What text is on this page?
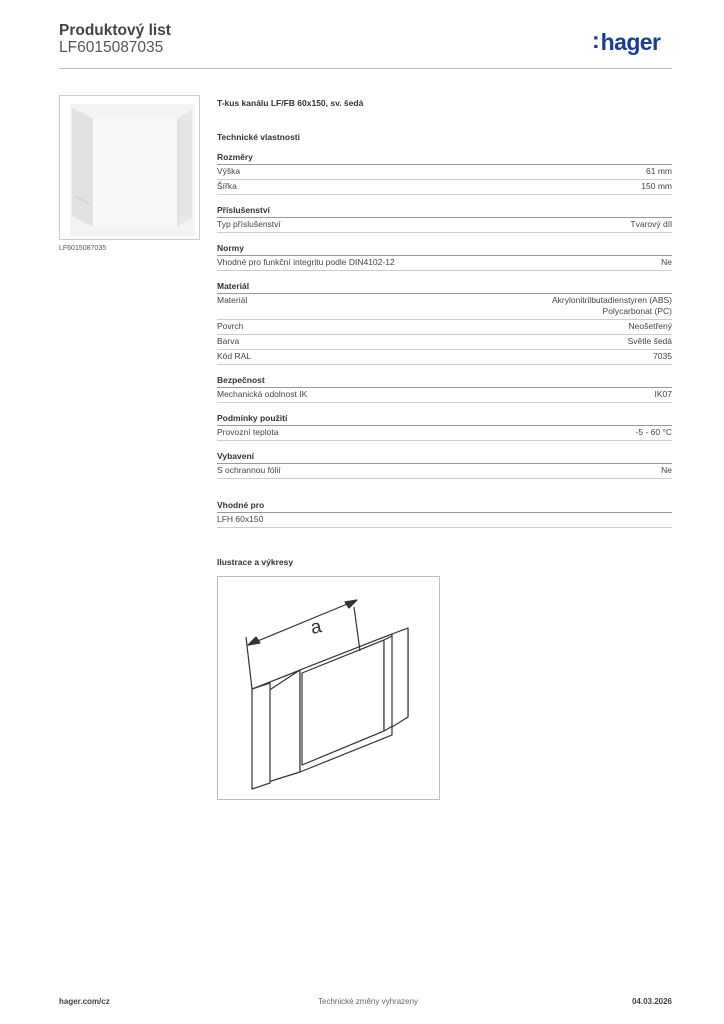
Produktový list
LF6015087035	:hager
LF6015087035
T-kus kanálu LF/FB 60x150, sv. šedá
Technické vlastnosti
Rozměry
Výška	61 mm
Šířka	150 mm
Příslušenství
Typ příslušenství	Tvarový díl
Normy
Vhodné pro funkční integritu podle DIN4102-12	Ne
Materiál
Materiál	Akrylonitrilbutadienstyren (ABS)
Polycarbonat (PC)
Povrch	Neošetřený
Barva	Světle šedá
Kód RAL	7035
Bezpečnost
Mechanická odolnost IK	IK07
Podmínky použití
Provozní teplota	-5 - 60 °C
Vybavení
S ochrannou fólií	Ne
Vhodné pro
LFH 60x150
Ilustrace a výkresy
a
hager.com/cz	Technické změny vyhrazeny	04.03.2026
